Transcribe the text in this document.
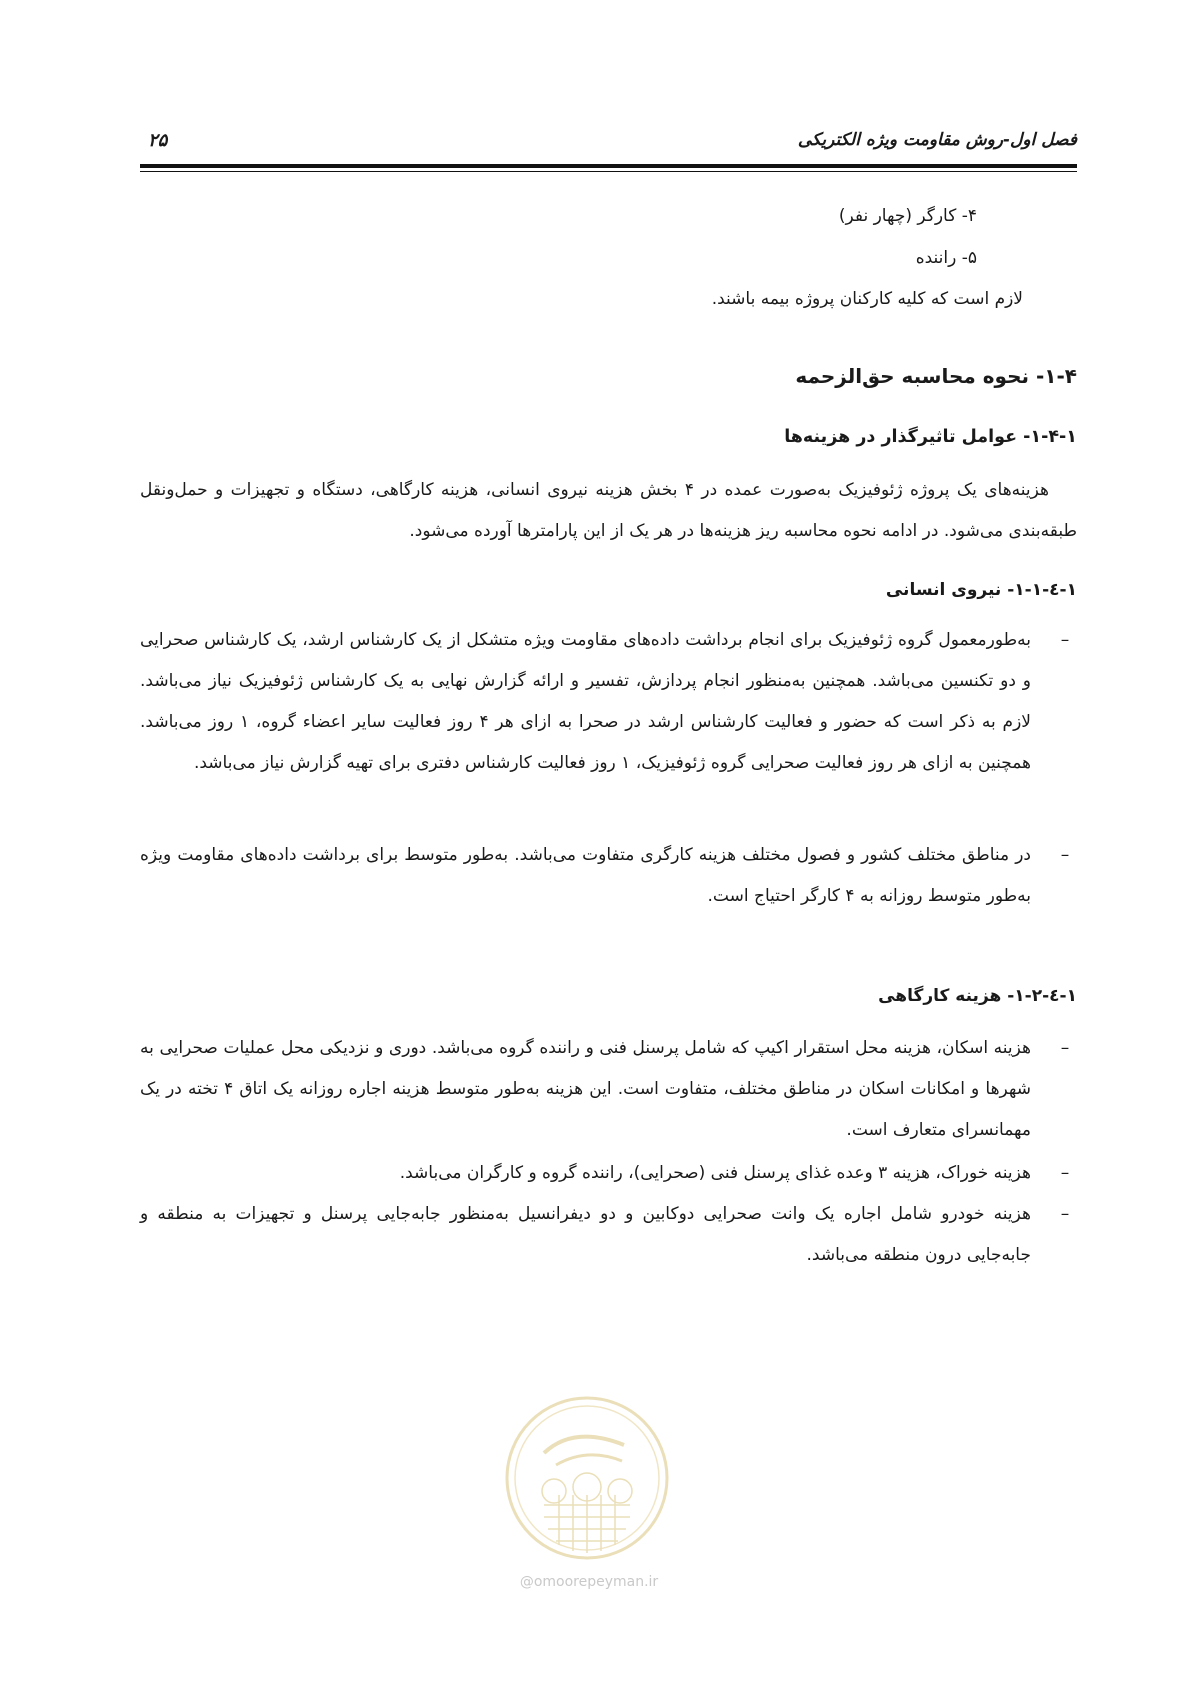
فصل اول-روش مقاومت ویژه الکتریکی
۲۵
۴- کارگر (چهار نفر)
۵- راننده
لازم است که کلیه کارکنان پروژه بیمه باشند.
۱-۴- نحوه محاسبه حق‌الزحمه
۱-۴-۱- عوامل تاثیرگذار در هزینه‌ها
هزینه‌های یک پروژه ژئوفیزیک به‌صورت عمده در ۴ بخش هزینه نیروی انسانی، هزینه کارگاهی، دستگاه و تجهیزات و حمل‌ونقل طبقه‌بندی می‌شود. در ادامه نحوه محاسبه ریز هزینه‌ها در هر یک از این پارامترها آورده می‌شود.
۱-٤-۱-۱- نیروی انسانی
–
به‌طورمعمول گروه ژئوفیزیک برای انجام برداشت داده‌های مقاومت ویژه متشکل از یک کارشناس ارشد، یک کارشناس صحرایی و دو تکنسین می‌باشد. همچنین به‌منظور انجام پردازش، تفسیر و ارائه گزارش نهایی به یک کارشناس ژئوفیزیک نیاز می‌باشد. لازم به ذکر است که حضور و فعالیت کارشناس ارشد در صحرا به ازای هر ۴ روز فعالیت سایر اعضاء گروه، ۱ روز می‌باشد. همچنین به ازای هر روز فعالیت صحرایی گروه ژئوفیزیک، ۱ روز فعالیت کارشناس دفتری برای تهیه گزارش نیاز می‌باشد.
–
در مناطق مختلف کشور و فصول مختلف هزینه کارگری متفاوت می‌باشد. به‌طور متوسط برای برداشت داده‌های مقاومت ویژه به‌طور متوسط روزانه به ۴ کارگر احتیاج است.
۱-٤-۱-۲- هزینه کارگاهی
–
هزینه اسکان، هزینه محل استقرار اکیپ که شامل پرسنل فنی و راننده گروه می‌باشد. دوری و نزدیکی محل عملیات صحرایی به شهرها و امکانات اسکان در مناطق مختلف، متفاوت است. این هزینه به‌طور متوسط هزینه اجاره روزانه یک اتاق ۴ تخته در یک مهمانسرای متعارف است.
–
هزینه خوراک، هزینه ۳ وعده غذای پرسنل فنی (صحرایی)، راننده گروه و کارگران می‌باشد.
–
هزینه خودرو شامل اجاره یک وانت صحرایی دوکابین و دو دیفرانسیل به‌منظور جابه‌جایی پرسنل و تجهیزات به منطقه و جابه‌جایی درون منطقه می‌باشد.
@omoorepeyman.ir
